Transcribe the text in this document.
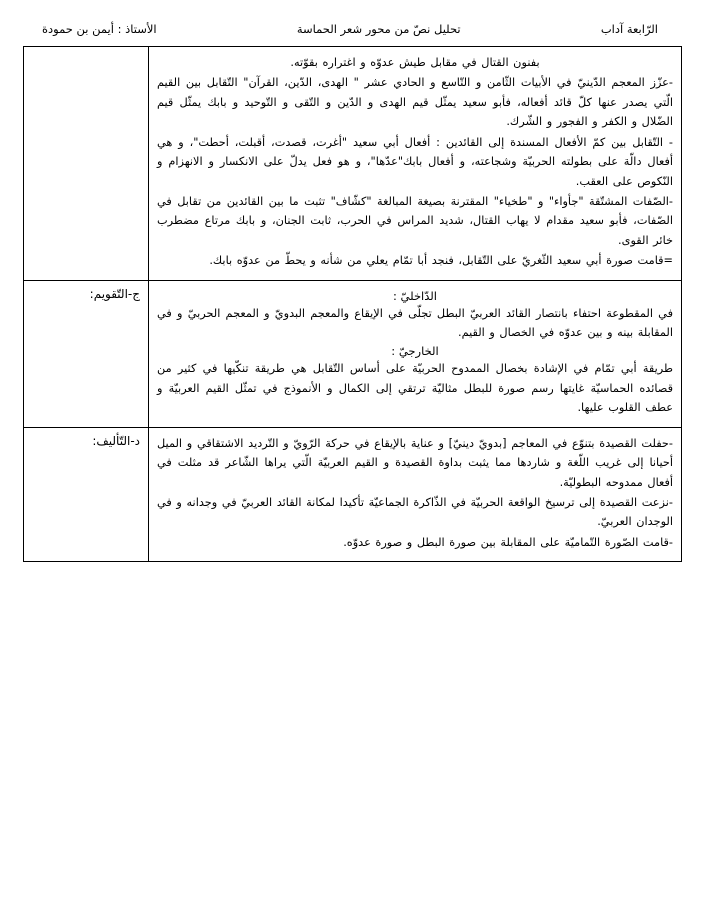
الرّابعة آداب
تحليل نصّ من محور شعر الحماسة
الأستاذ : أيمن بن حمودة

بفنون القتال في مقابل طيش عدوّه و اغتراره بقوّته.

-عزّز المعجم الدّينيّ في الأبيات الثّامن و التّاسع و الحادي عشر " الهدى، الدّين، القرآن" التّقابل بين القيم الّتي يصدر عنها كلّ قائد أفعاله، فأبو سعيد يمثّل قيم الهدى و الدّين و التّقى و التّوحيد و بابك يمثّل قيم الضّلال و الكفر و الفجور و الشّرك.

- التّقابل بين كمّ الأفعال المسندة إلى القائدين : أفعال أبي سعيد "أغرت، قصدت، أقبلت، أحطت"، و هي أفعال دالّة على بطولته الحربيّة وشجاعته، و أفعال بابك"عدّها"، و هو فعل يدلّ على الانكسار و الانهزام و النّكوص على العقب.

-الصّفات المشتّقة "جأواء" و "طخياء" المقترنة بصيغة المبالغة "كشّاف" تثبت ما بين القائدين من تقابل في الصّفات، فأبو سعيد مقدام لا يهاب القتال، شديد المراس في الحرب، ثابت الجنان، و بابك مرتاع مضطرب خائر القوى.

=قامت صورة أبي سعيد الثّغريّ على التّقابل، فنجد أبا تمّام يعلي من شأنه و يحطّ من عدوّه بابك.	

الدّاخليّ :

في المقطوعة احتفاء بانتصار القائد العربيّ البطل تجلّى في الإيقاع والمعجم البدويّ و المعجم الحربيّ و في المقابلة بينه و بين عدوّه في الخصال و القيم.

الخارجيّ :

طريقة أبي تمّام في الإشادة بخصال الممدوح الحربيّة على أساس التّقابل هي طريقة تنكّيها في كثير من قصائده الحماسيّة غايتها رسم صورة للبطل مثاليّة ترتقي إلى الكمال و الأنموذج في تمثّل القيم العربيّة و عطف القلوب عليها.	ج-التّقويم:

-حفلت القصيدة بتنوّع في المعاجم [بدويّ دينيّ] و عناية بالإيقاع في حركة الرّويّ و التّرديد الاشتقاقي و الميل أحيانا إلى غريب اللّغة و شاردها مما يثبت بداوة القصيدة و القيم العربيّة الّتي يراها الشّاعر قد مثلت في أفعال ممدوحه البطوليّة.

-نزعت القصيدة إلى ترسيخ الواقعة الحربيّة في الذّاكرة الجماعيّة تأكيدا لمكانة القائد العربيّ في وجدانه و في الوجدان العربيّ.

-قامت الصّورة التّماميّة على المقابلة بين صورة البطل و صورة عدوّه.	د-التّأليف:
